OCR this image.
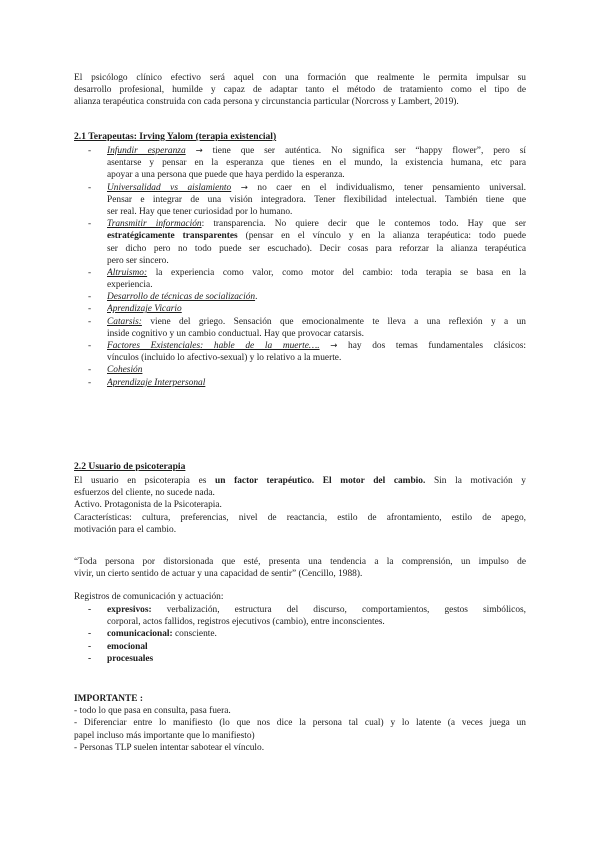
El psicólogo clínico efectivo será aquel con una formación que realmente le permita impulsar su
desarrollo profesional, humilde y capaz de adaptar tanto el método de tratamiento como el tipo de
alianza terapéutica construida con cada persona y circunstancia particular (Norcross y Lambert, 2019).
2.1 Terapeutas: Irving Yalom (terapia existencial)
- Infundir esperanza → tiene que ser auténtica. No significa ser “happy flower”, pero sí
asentarse y pensar en la esperanza que tienes en el mundo, la existencia humana, etc para
apoyar a una persona que puede que haya perdido la esperanza.
- Universalidad vs aislamiento → no caer en el individualismo, tener pensamiento universal.
Pensar e integrar de una visión integradora. Tener flexibilidad intelectual. También tiene que
ser real. Hay que tener curiosidad por lo humano.
- Transmitir información: transparencia. No quiere decir que le contemos todo. Hay que ser
estratégicamente transparentes (pensar en el vínculo y en la alianza terapéutica: todo puede
ser dicho pero no todo puede ser escuchado). Decir cosas para reforzar la alianza terapéutica
pero ser sincero.
- Altruismo: la experiencia como valor, como motor del cambio: toda terapia se basa en la
experiencia.
- Desarrollo de técnicas de socialización.
- Aprendizaje Vicario
- Catarsis: viene del griego. Sensación que emocionalmente te lleva a una reflexión y a un
inside cognitivo y un cambio conductual. Hay que provocar catarsis.
- Factores Existenciales: hable de la muerte…. → hay dos temas fundamentales clásicos:
vínculos (incluido lo afectivo-sexual) y lo relativo a la muerte.
- Cohesión
- Aprendizaje Interpersonal
2.2 Usuario de psicoterapia
El usuario en psicoterapia es un factor terapéutico. El motor del cambio. Sin la motivación y
esfuerzos del cliente, no sucede nada.
Activo. Protagonista de la Psicoterapia.
Características: cultura, preferencias, nivel de reactancia, estilo de afrontamiento, estilo de apego,
motivación para el cambio.
“Toda persona por distorsionada que esté, presenta una tendencia a la comprensión, un impulso de
vivir, un cierto sentido de actuar y una capacidad de sentir” (Cencillo, 1988).
Registros de comunicación y actuación:
- expresivos: verbalización, estructura del discurso, comportamientos, gestos simbólicos,
corporal, actos fallidos, registros ejecutivos (cambio), entre inconscientes.
- comunicacional: consciente.
- emocional
- procesuales
IMPORTANTE :
- todo lo que pasa en consulta, pasa fuera.
- Diferenciar entre lo manifiesto (lo que nos dice la persona tal cual) y lo latente (a veces juega un
papel incluso más importante que lo manifiesto)
- Personas TLP suelen intentar sabotear el vínculo.
